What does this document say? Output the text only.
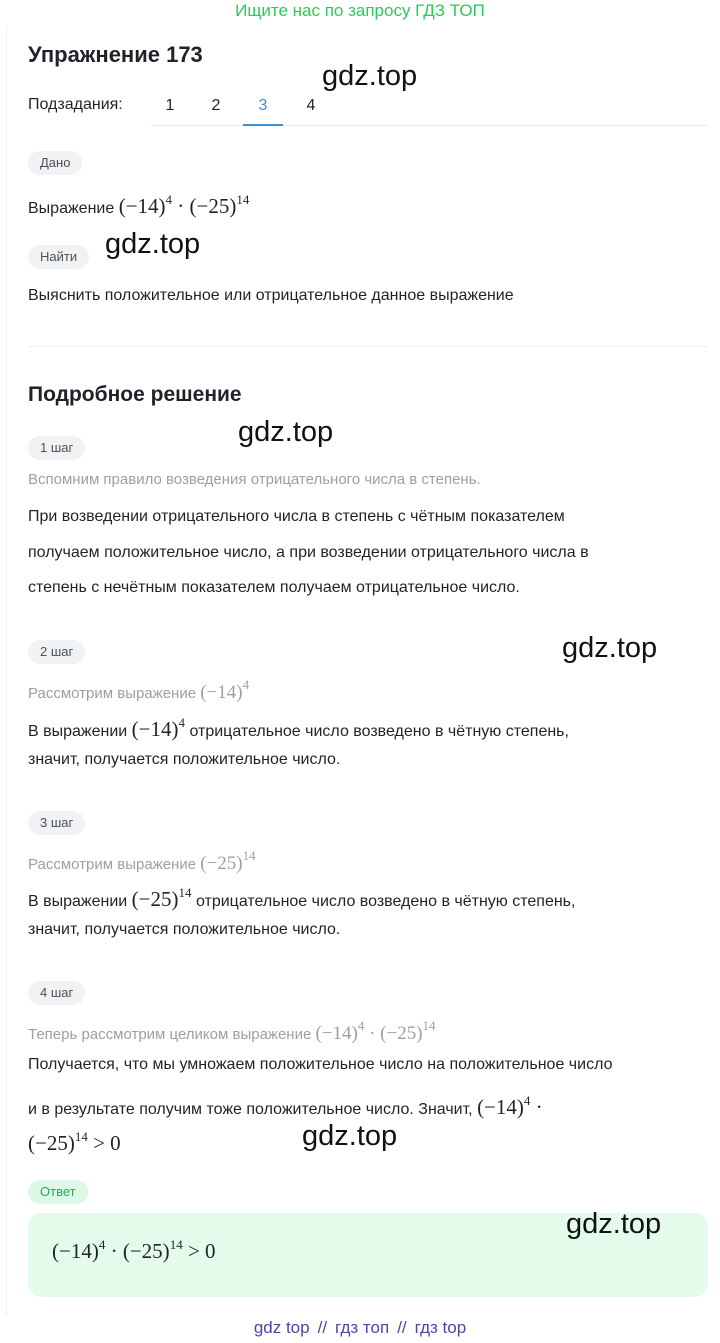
Ищите нас по запросу ГДЗ ТОП
Упражнение 173
Подзадания:	1	2	3	4
Дано
Выражение $(-14)^4 \cdot (-25)^{14}$
Найти
Выяснить положительное или отрицательное данное выражение
Подробное решение
1 шаг
Вспомним правило возведения отрицательного числа в степень.
При возведении отрицательного числа в степень с чётным показателем
получаем положительное число, а при возведении отрицательного числа в
степень с нечётным показателем получаем отрицательное число.
2 шаг
Рассмотрим выражение $(-14)^4$
В выражении $(-14)^4$ отрицательное число возведено в чётную степень,
значит, получается положительное число.
3 шаг
Рассмотрим выражение $(-25)^{14}$
В выражении $(-25)^{14}$ отрицательное число возведено в чётную степень,
значит, получается положительное число.
4 шаг
Теперь рассмотрим целиком выражение $(-14)^4 \cdot (-25)^{14}$
Получается, что мы умножаем положительное число на положительное число
и в результате получим тоже положительное число. Значит, $(-14)^4$ ·
$(-25)^{14} > 0$
Ответ
$(-14)^4 \cdot (-25)^{14} > 0$
gdz.top
gdz.top
gdz.top
gdz.top
gdz.top
gdz.top
gdz top // гдз топ // гдз top
